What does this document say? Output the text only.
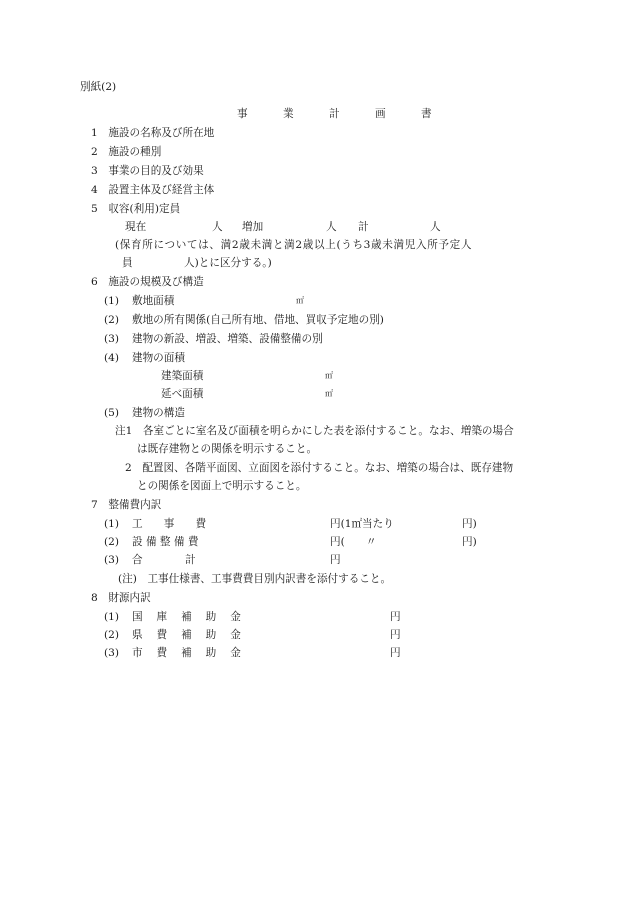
別紙(2)
事	業	計	画	書
1　施設の名称及び所在地
2　施設の種別
3　事業の目的及び効果
4　設置主体及び経営主体
5　収容(利用)定員
現在	人 増加	人 計	人
(保育所については、満2歳未満と満2歳以上(うち3歳未満児入所予定人
員	人)とに区分する。)
6　施設の規模及び構造
(1) 敷地面積	㎡
(2) 敷地の所有関係(自己所有地、借地、買収予定地の別)
(3) 建物の新設、増設、増築、設備整備の別
(4) 建物の面積
建築面積	㎡
延べ面積	㎡
(5) 建物の構造
注1　各室ごとに室名及び面積を明らかにした表を添付すること。なお、増築の場合
は既存建物との関係を明示すること。
2　配置図、各階平面図、立面図を添付すること。なお、増築の場合は、既存建物
との関係を図面上で明示すること。
7　整備費内訳
(1) 工　　事　　費	円(1㎡当たり	円)
(2) 設 備 整 備 費	円(　　〃	円)
(3) 合　　　　計	円
(注)　工事仕様書、工事費費目別内訳書を添付すること。
8　財源内訳
(1) 国　 庫　 補　 助　 金	円
(2) 県　 費　 補　 助　 金	円
(3) 市　 費　 補　 助　 金	円
